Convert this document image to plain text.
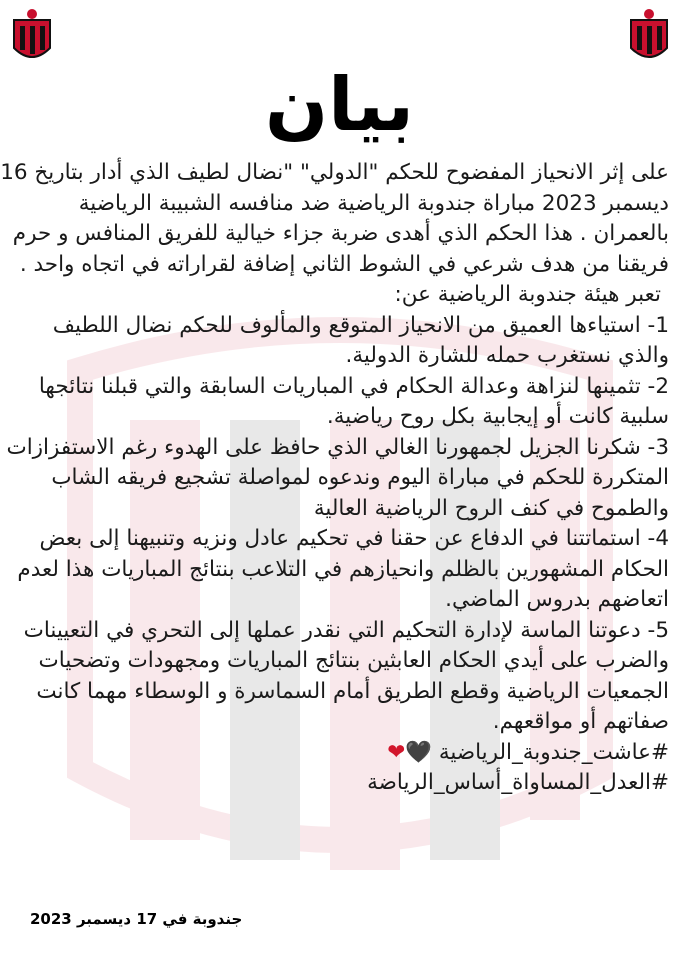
بيان

على إثر الانحياز المفضوح للحكم "الدولي" "نضال لطيف الذي أدار بتاريخ 16 ديسمبر 2023 مباراة جندوبة الرياضية ضد منافسه الشبيبة الرياضية بالعمران . هذا الحكم الذي أهدى ضربة جزاء خيالية للفريق المنافس و حرم فريقنا من هدف شرعي في الشوط الثاني إضافة لقراراته في اتجاه واحد .

تعبر هيئة جندوبة الرياضية عن:

1- استياءها العميق من الانحياز المتوقع والمألوف للحكم نضال اللطيف والذي نستغرب حمله للشارة الدولية.

2- تثمينها لنزاهة وعدالة الحكام في المباريات السابقة والتي قبلنا نتائجها سلبية كانت أو إيجابية بكل روح رياضية.

3- شكرنا الجزيل لجمهورنا الغالي الذي حافظ على الهدوء رغم الاستفزازات المتكررة للحكم في مباراة اليوم وندعوه لمواصلة تشجيع فريقه الشاب والطموح في كنف الروح الرياضية العالية

4- استماتتنا في الدفاع عن حقنا في تحكيم عادل ونزيه وتنبيهنا إلى بعض الحكام المشهورين بالظلم وانحيازهم في التلاعب بنتائج المباريات هذا لعدم اتعاضهم بدروس الماضي.

5- دعوتنا الماسة لإدارة التحكيم التي نقدر عملها إلى التحري في التعيينات والضرب على أيدي الحكام العابثين بنتائج المباريات ومجهودات وتضحيات الجمعيات الرياضية وقطع الطريق أمام السماسرة و الوسطاء مهما كانت صفاتهم أو مواقعهم.

#عاشت_جندوبة_الرياضية 🖤❤

#العدل_المساواة_أساس_الرياضة

جندوبة في 17 ديسمبر 2023
